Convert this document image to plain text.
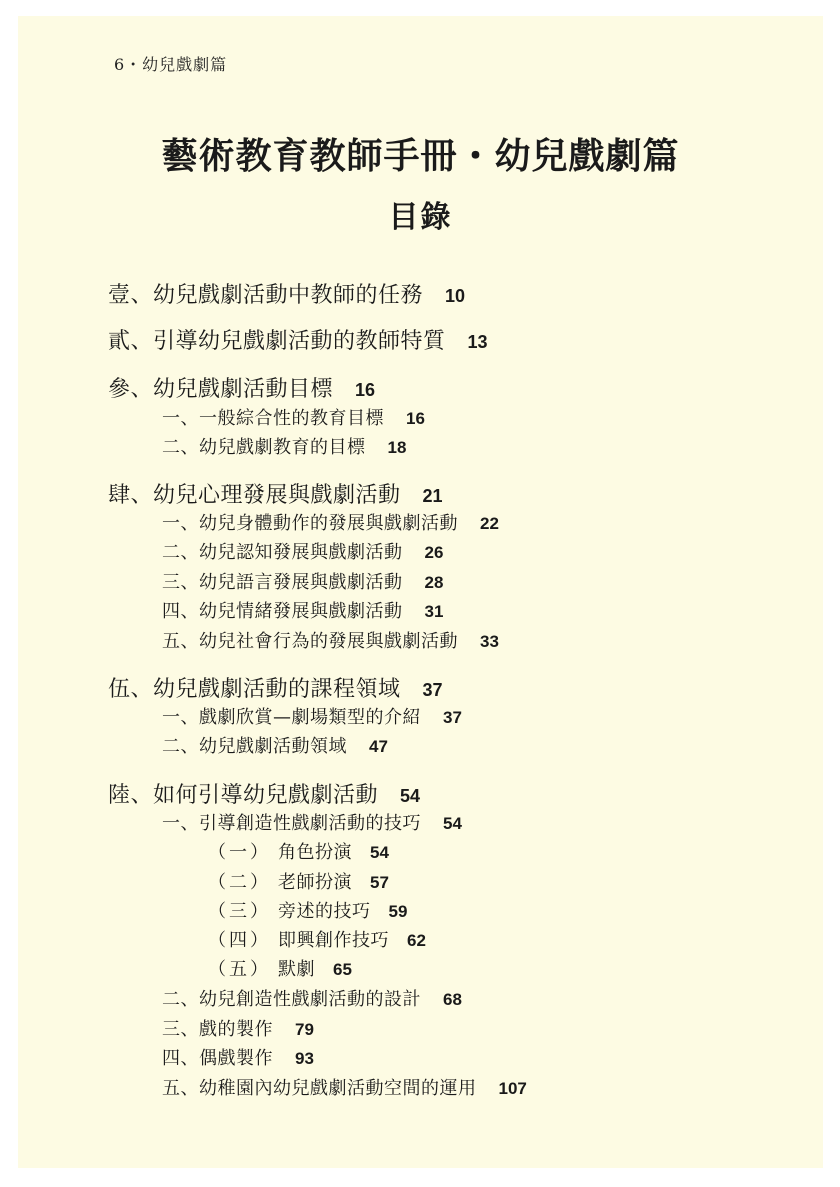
6・幼兒戲劇篇
藝術教育教師手冊・幼兒戲劇篇
目錄
壹、幼兒戲劇活動中教師的任務 10
貳、引導幼兒戲劇活動的教師特質 13
參、幼兒戲劇活動目標 16
一、一般綜合性的教育目標 16
二、幼兒戲劇教育的目標 18
肆、幼兒心理發展與戲劇活動 21
一、幼兒身體動作的發展與戲劇活動 22
二、幼兒認知發展與戲劇活動 26
三、幼兒語言發展與戲劇活動 28
四、幼兒情緒發展與戲劇活動 31
五、幼兒社會行為的發展與戲劇活動 33
伍、幼兒戲劇活動的課程領域 37
一、戲劇欣賞—劇場類型的介紹 37
二、幼兒戲劇活動領域 47
陸、如何引導幼兒戲劇活動 54
一、引導創造性戲劇活動的技巧 54
（一） 角色扮演 54
（二） 老師扮演 57
（三） 旁述的技巧 59
（四） 即興創作技巧 62
（五） 默劇 65
二、幼兒創造性戲劇活動的設計 68
三、戲的製作 79
四、偶戲製作 93
五、幼稚園內幼兒戲劇活動空間的運用 107
